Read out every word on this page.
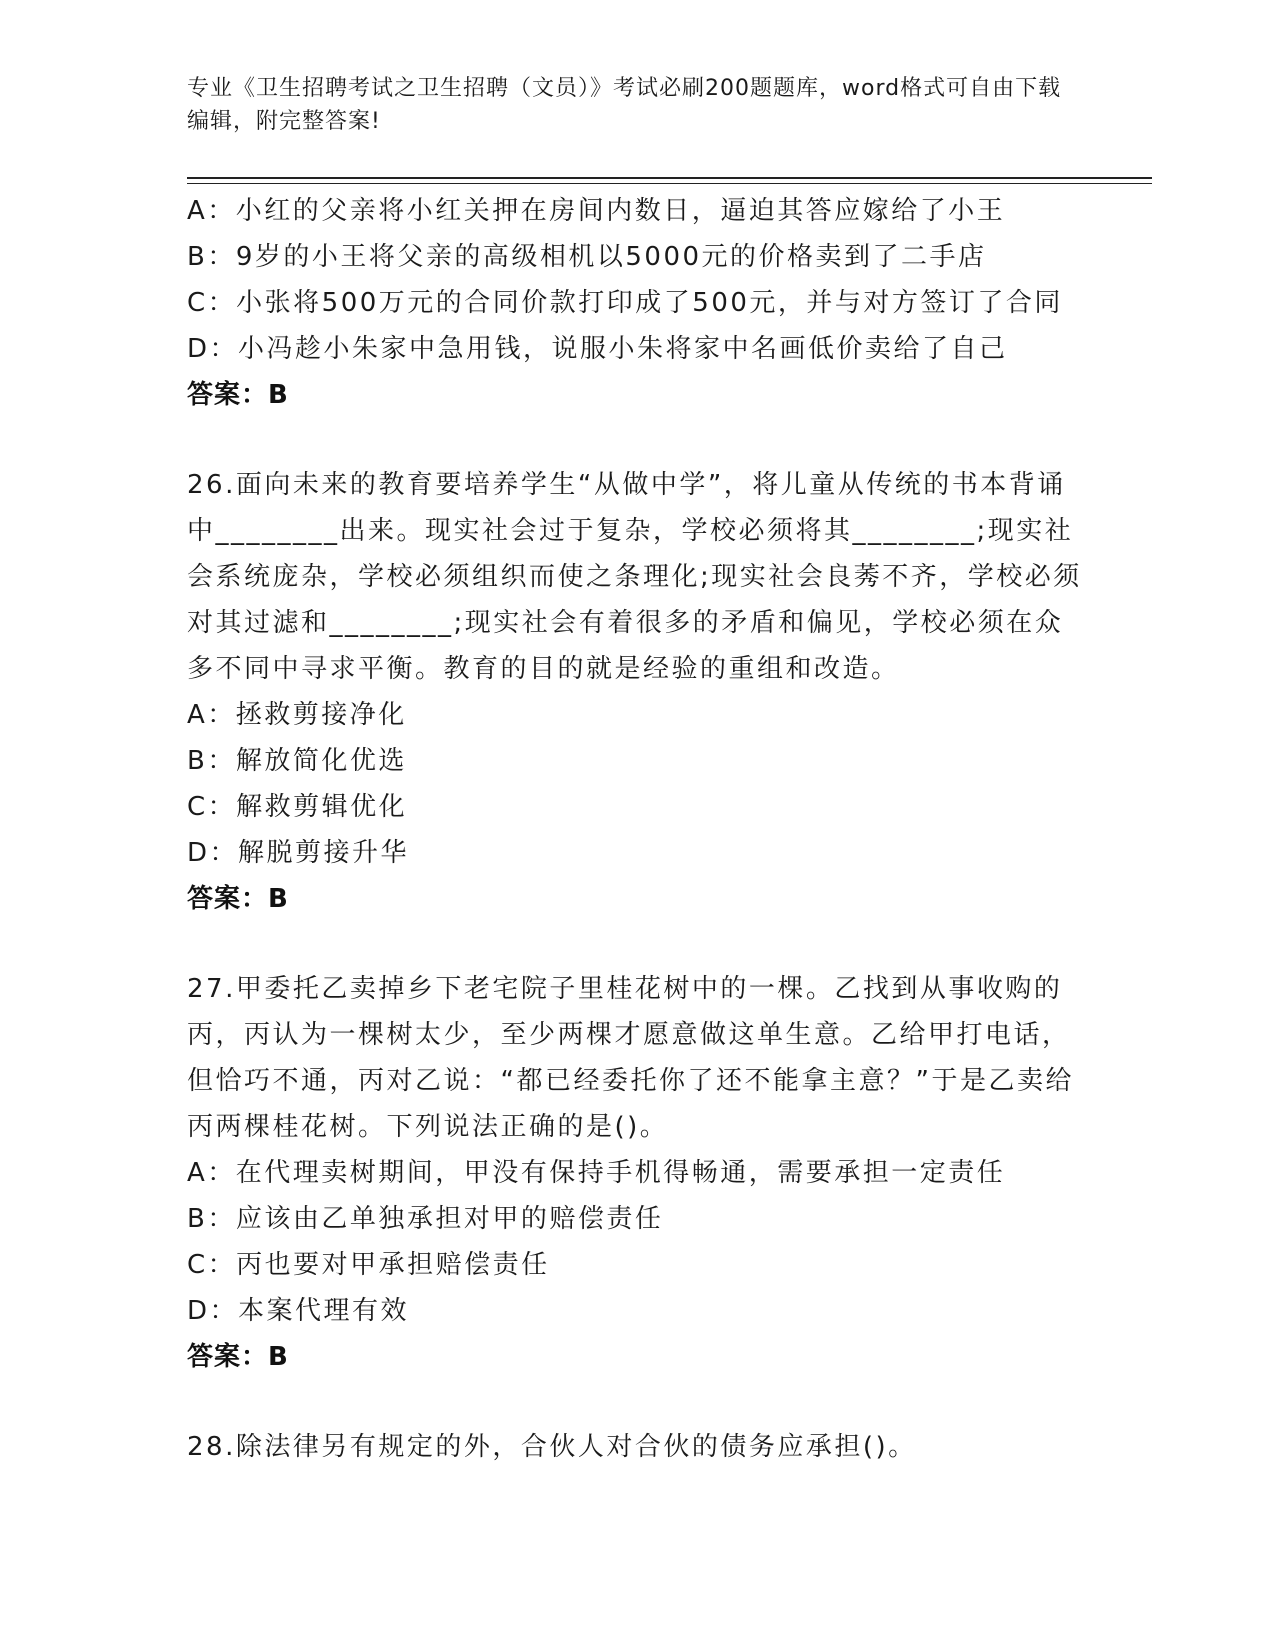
专业《卫生招聘考试之卫生招聘（文员）》考试必刷200题题库，word格式可自由下载编辑，附完整答案!

A：小红的父亲将小红关押在房间内数日，逼迫其答应嫁给了小王

B：9岁的小王将父亲的高级相机以5000元的价格卖到了二手店

C：小张将500万元的合同价款打印成了500元，并与对方签订了合同

D：小冯趁小朱家中急用钱，说服小朱将家中名画低价卖给了自己

答案：B

26.面向未来的教育要培养学生“从做中学”，将儿童从传统的书本背诵中________出来。现实社会过于复杂，学校必须将其________;现实社会系统庞杂，学校必须组织而使之条理化;现实社会良莠不齐，学校必须对其过滤和________;现实社会有着很多的矛盾和偏见，学校必须在众多不同中寻求平衡。教育的目的就是经验的重组和改造。

A：拯救剪接净化

B：解放简化优选

C：解救剪辑优化

D：解脱剪接升华

答案：B

27.甲委托乙卖掉乡下老宅院子里桂花树中的一棵。乙找到从事收购的丙，丙认为一棵树太少，至少两棵才愿意做这单生意。乙给甲打电话，但恰巧不通，丙对乙说：“都已经委托你了还不能拿主意？”于是乙卖给丙两棵桂花树。下列说法正确的是()。

A：在代理卖树期间，甲没有保持手机得畅通，需要承担一定责任

B：应该由乙单独承担对甲的赔偿责任

C：丙也要对甲承担赔偿责任

D：本案代理有效

答案：B

28.除法律另有规定的外，合伙人对合伙的债务应承担()。
